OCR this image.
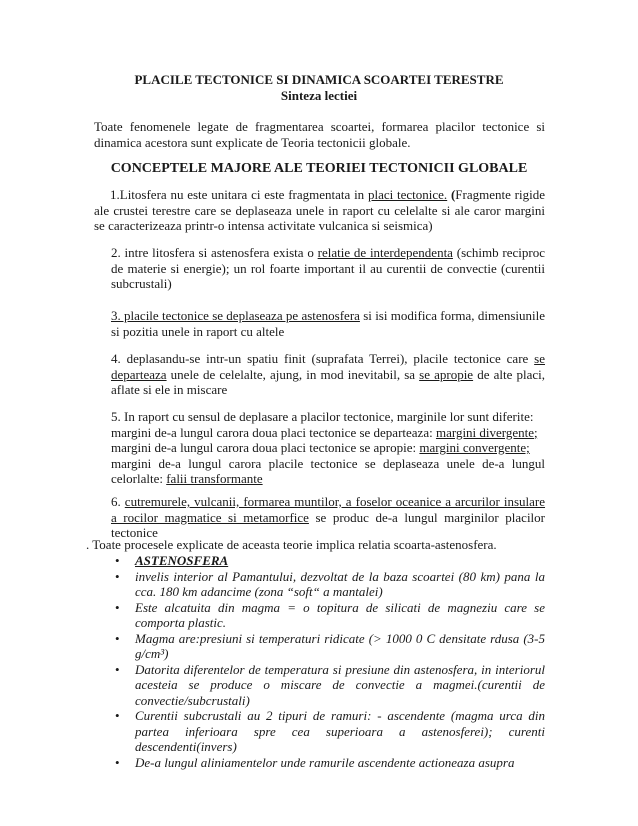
PLACILE TECTONICE SI DINAMICA SCOARTEI TERESTRE
Sinteza lectiei
Toate fenomenele legate de fragmentarea scoartei, formarea placilor tectonice si dinamica acestora sunt explicate de Teoria tectonicii globale.
CONCEPTELE MAJORE ALE TEORIEI TECTONICII GLOBALE
1.Litosfera nu este unitara ci este fragmentata in placi tectonice. (Fragmente rigide ale crustei terestre care se deplaseaza unele in raport cu celelalte si ale caror margini se caracterizeaza printr-o intensa activitate vulcanica si seismica)
2. intre litosfera si astenosfera exista o relatie de interdependenta (schimb reciproc de materie si energie); un rol foarte important il au curentii de convectie (curentii subcrustali)
3. placile tectonice se deplaseaza pe astenosfera si isi modifica forma, dimensiunile si pozitia unele in raport cu altele
4. deplasandu-se intr-un spatiu finit (suprafata Terrei), placile tectonice care se departeaza unele de celelalte, ajung, in mod inevitabil, sa se apropie de alte placi, aflate si ele in miscare
5. In raport cu sensul de deplasare a placilor tectonice, marginile lor sunt diferite:
margini de-a lungul carora doua placi tectonice se departeaza: margini divergente;
margini de-a lungul carora doua placi tectonice se apropie: margini convergente;
margini de-a lungul carora placile tectonice se deplaseaza unele de-a lungul celorlalte: falii transformante
6. cutremurele, vulcanii, formarea muntilor, a foselor oceanice a arcurilor insulare a rocilor magmatice si metamorfice se produc de-a lungul marginilor placilor tectonice
. Toate procesele explicate de aceasta teorie implica relatia scoarta-astenosfera.
• ASTENOSFERA
• invelis interior al Pamantului, dezvoltat de la baza scoartei (80 km) pana la cca. 180 km adancime (zona “soft“ a mantalei)
• Este alcatuita din magma = o topitura de silicati de magneziu care se comporta plastic.
• Magma are:presiuni si temperaturi ridicate (> 1000 0 C densitate rdusa (3-5 g/cm³)
• Datorita diferentelor de temperatura si presiune din astenosfera, in interiorul acesteia se produce o miscare de convectie a magmei.(curentii de convectie/subcrustali)
• Curentii subcrustali au 2 tipuri de ramuri: - ascendente (magma urca din partea inferioara spre cea superioara a astenosferei); curenti descendenti(invers)
• De-a lungul aliniamentelor unde ramurile ascendente actioneaza asupra
